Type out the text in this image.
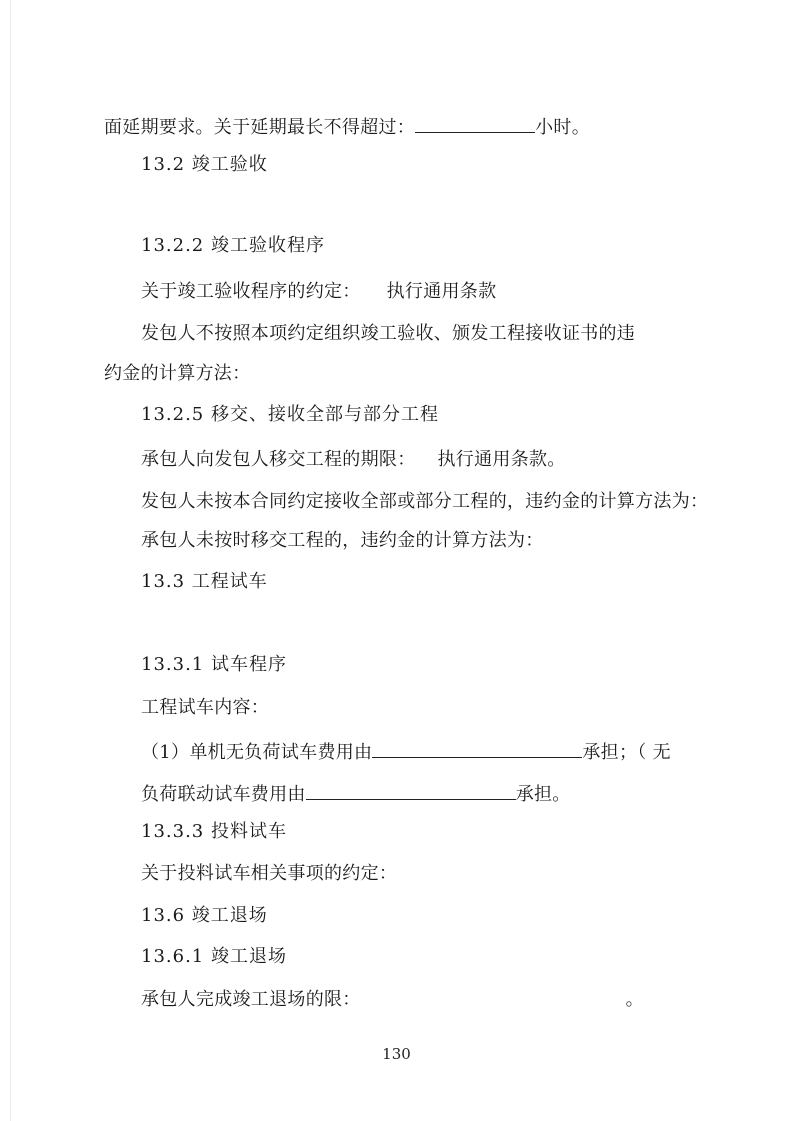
面延期要求。关于延期最长不得超过：	小时。
13.2 竣工验收
13.2.2 竣工验收程序
关于竣工验收程序的约定： 执行通用条款
发包人不按照本项约定组织竣工验收、颁发工程接收证书的违
约金的计算方法：
13.2.5 移交、接收全部与部分工程
承包人向发包人移交工程的期限： 执行通用条款。
发包人未按本合同约定接收全部或部分工程的，违约金的计算方法为：
承包人未按时移交工程的，违约金的计算方法为：
13.3 工程试车
13.3.1 试车程序
工程试车内容：
（1）单机无负荷试车费用由	承担；（ 无
负荷联动试车费用由	承担。
13.3.3 投料试车
关于投料试车相关事项的约定：
13.6 竣工退场
13.6.1 竣工退场
承包人完成竣工退场的限：	。
130
